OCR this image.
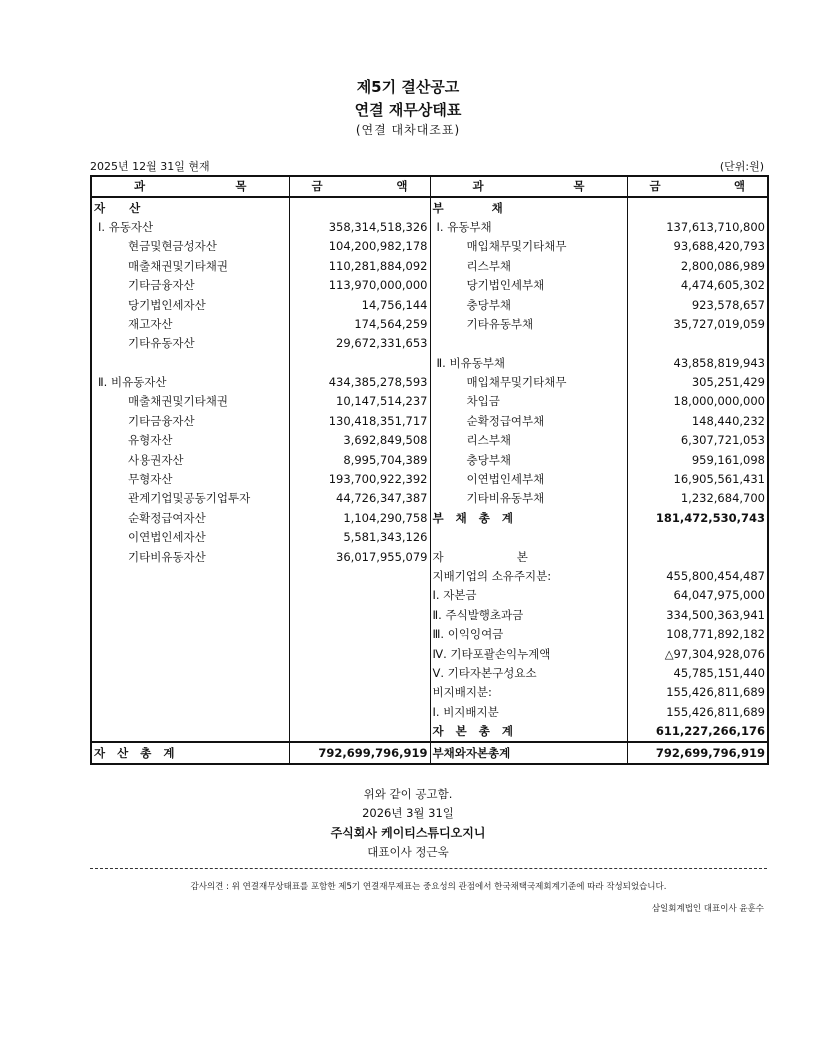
제5기 결산공고
연결 재무상태표
(연결 대차대조표)
2025년 12월 31일 현재	(단위:원)
과 목	금 액	과 목	금 액

자      산		부            채	
Ⅰ. 유동자산	358,314,518,326	Ⅰ. 유동부채	137,613,710,800
현금및현금성자산	104,200,982,178	매입채무및기타채무	93,688,420,793
매출채권및기타채권	110,281,884,092	리스부채	2,800,086,989
기타금융자산	113,970,000,000	당기법인세부채	4,474,605,302
당기법인세자산	14,756,144	충당부채	923,578,657
재고자산	174,564,259	기타유동부채	35,727,019,059
기타유동자산	29,672,331,653		
		Ⅱ. 비유동부채	43,858,819,943
Ⅱ. 비유동자산	434,385,278,593	매입채무및기타채무	305,251,429
매출채권및기타채권	10,147,514,237	차입금	18,000,000,000
기타금융자산	130,418,351,717	순확정급여부채	148,440,232
유형자산	3,692,849,508	리스부채	6,307,721,053
사용권자산	8,995,704,389	충당부채	959,161,098
무형자산	193,700,922,392	이연법인세부채	16,905,561,431
관계기업및공동기업투자	44,726,347,387	기타비유동부채	1,232,684,700
순확정급여자산	1,104,290,758	부   채   총   계	181,472,530,743
이연법인세자산	5,581,343,126		
기타비유동자산	36,017,955,079	자                    본	
		지배기업의 소유주지분:	455,800,454,487
		Ⅰ. 자본금	64,047,975,000
		Ⅱ. 주식발행초과금	334,500,363,941
		Ⅲ. 이익잉여금	108,771,892,182
		Ⅳ. 기타포괄손익누계액	△97,304,928,076
		Ⅴ. 기타자본구성요소	45,785,151,440
		비지배지분:	155,426,811,689
		Ⅰ. 비지배지분	155,426,811,689
		자   본   총   계	611,227,266,176
자   산   총   계	792,699,796,919	부채와자본총계	792,699,796,919
위와 같이 공고함.
2026년 3월 31일
주식회사 케이티스튜디오지니
대표이사 정근욱
감사의견 : 위 연결재무상태표를 포함한 제5기 연결재무제표는 중요성의 관점에서 한국채택국제회계기준에 따라 작성되었습니다.
삼일회계법인 대표이사 윤훈수
